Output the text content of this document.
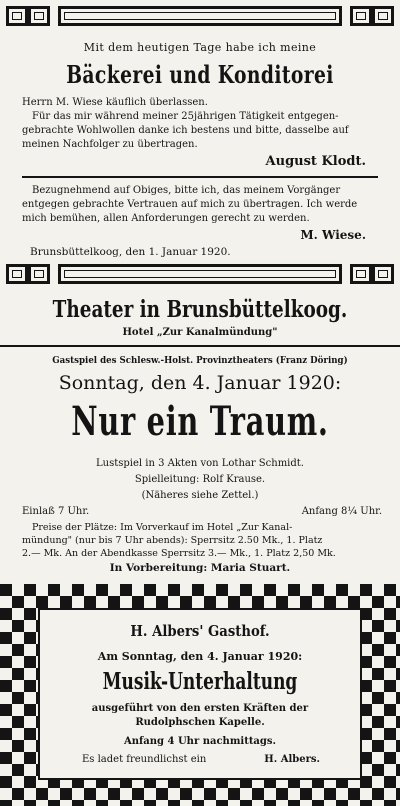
Mit dem heutigen Tage habe ich meine
Bäckerei und Konditorei
Herrn M. Wiese käuflich überlassen.
Für das mir während meiner 25jährigen Tätigkeit entgegen-
gebrachte Wohlwollen danke ich bestens und bitte, dasselbe auf
meinen Nachfolger zu übertragen.
August Klodt.
Bezugnehmend auf Obiges, bitte ich, das meinem Vorgänger
entgegen gebrachte Vertrauen auf mich zu übertragen. Ich werde
mich bemühen, allen Anforderungen gerecht zu werden.
M. Wiese.
Brunsbüttelkoog, den 1. Januar 1920.
Theater in Brunsbüttelkoog.
Hotel „Zur Kanalmündung"
Gastspiel des Schlesw.-Holst. Provinztheaters (Franz Döring)
Sonntag, den 4. Januar 1920:
Nur ein Traum.
Lustspiel in 3 Akten von Lothar Schmidt.
Spielleitung: Rolf Krause.
(Näheres siehe Zettel.)
Einlaß 7 Uhr.	Anfang 8¼ Uhr.
Preise der Plätze: Im Vorverkauf im Hotel „Zur Kanal-
mündung" (nur bis 7 Uhr abends): Sperrsitz 2.50 Mk., 1. Platz
2.— Mk. An der Abendkasse Sperrsitz 3.— Mk., 1. Platz 2,50 Mk.
In Vorbereitung: Maria Stuart.
H. Albers' Gasthof.
Am Sonntag, den 4. Januar 1920:
Musik-Unterhaltung
ausgeführt von den ersten Kräften der
Rudolphschen Kapelle.
Anfang 4 Uhr nachmittags.
Es ladet freundlichst ein	H. Albers.
